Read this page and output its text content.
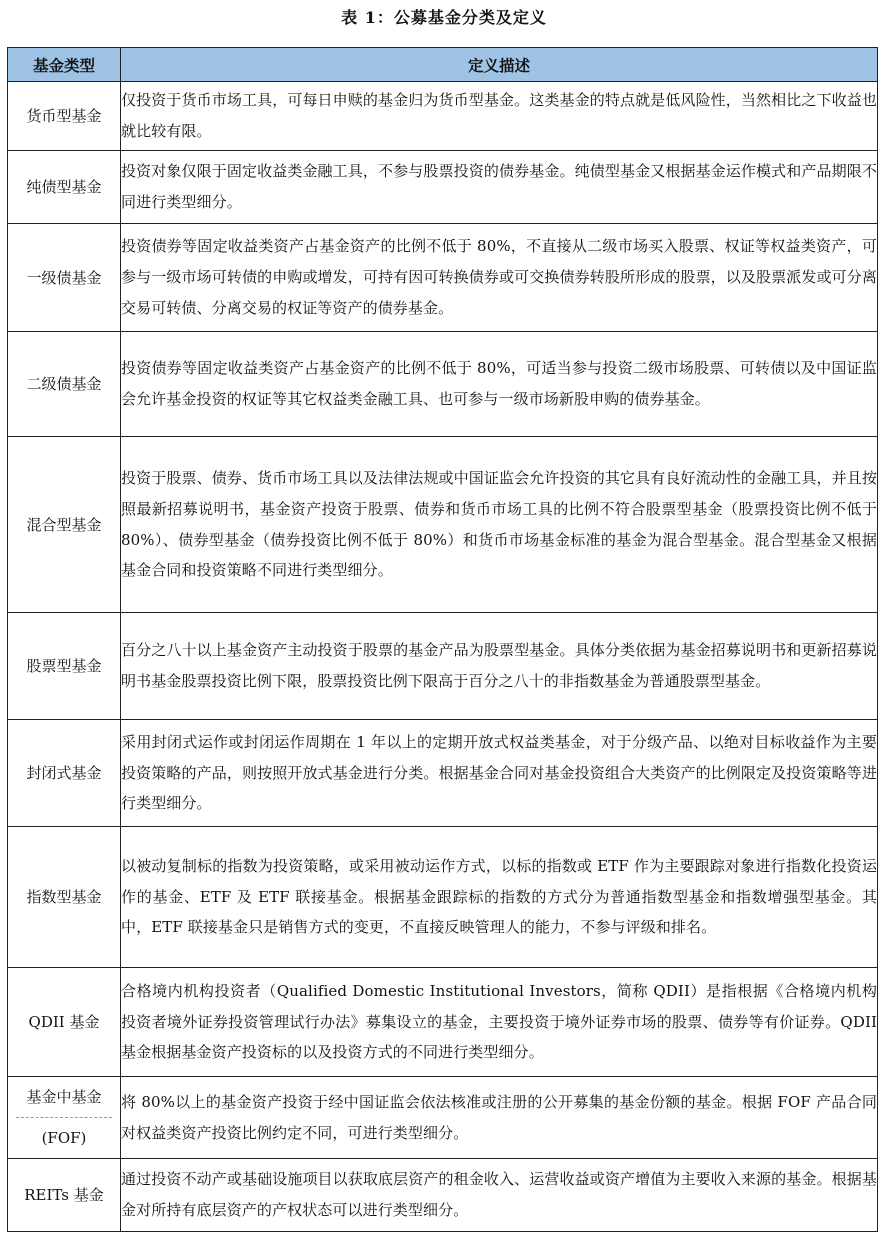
表 1：公募基金分类及定义
基金类型	定义描述
货币型基金	仅投资于货币市场工具，可每日申赎的基金归为货币型基金。这类基金的特点就是低风险性，当然相比之下收益也就比较有限。
纯债型基金	投资对象仅限于固定收益类金融工具，不参与股票投资的债券基金。纯债型基金又根据基金运作模式和产品期限不同进行类型细分。
一级债基金	投资债券等固定收益类资产占基金资产的比例不低于 80%，不直接从二级市场买入股票、权证等权益类资产，可参与一级市场可转债的申购或增发，可持有因可转换债券或可交换债券转股所形成的股票，以及股票派发或可分离交易可转债、分离交易的权证等资产的债券基金。
二级债基金	投资债券等固定收益类资产占基金资产的比例不低于 80%，可适当参与投资二级市场股票、可转债以及中国证监会允许基金投资的权证等其它权益类金融工具、也可参与一级市场新股申购的债券基金。
混合型基金	投资于股票、债券、货币市场工具以及法律法规或中国证监会允许投资的其它具有良好流动性的金融工具，并且按照最新招募说明书，基金资产投资于股票、债券和货币市场工具的比例不符合股票型基金（股票投资比例不低于 80%）、债券型基金（债券投资比例不低于 80%）和货币市场基金标准的基金为混合型基金。混合型基金又根据基金合同和投资策略不同进行类型细分。
股票型基金	百分之八十以上基金资产主动投资于股票的基金产品为股票型基金。具体分类依据为基金招募说明书和更新招募说明书基金股票投资比例下限，股票投资比例下限高于百分之八十的非指数基金为普通股票型基金。
封闭式基金	采用封闭式运作或封闭运作周期在 1 年以上的定期开放式权益类基金，对于分级产品、以绝对目标收益作为主要投资策略的产品，则按照开放式基金进行分类。根据基金合同对基金投资组合大类资产的比例限定及投资策略等进行类型细分。
指数型基金	以被动复制标的指数为投资策略，或采用被动运作方式，以标的指数或 ETF 作为主要跟踪对象进行指数化投资运作的基金、ETF 及 ETF 联接基金。根据基金跟踪标的指数的方式分为普通指数型基金和指数增强型基金。其中，ETF 联接基金只是销售方式的变更，不直接反映管理人的能力，不参与评级和排名。
QDII 基金	合格境内机构投资者（Qualified Domestic Institutional Investors，简称 QDII）是指根据《合格境内机构投资者境外证券投资管理试行办法》募集设立的基金，主要投资于境外证券市场的股票、债券等有价证券。QDII 基金根据基金资产投资标的以及投资方式的不同进行类型细分。

基金中基金
(FOF)	将 80%以上的基金资产投资于经中国证监会依法核准或注册的公开募集的基金份额的基金。根据 FOF 产品合同对权益类资产投资比例约定不同，可进行类型细分。
REITs 基金	通过投资不动产或基础设施项目以获取底层资产的租金收入、运营收益或资产增值为主要收入来源的基金。根据基金对所持有底层资产的产权状态可以进行类型细分。
